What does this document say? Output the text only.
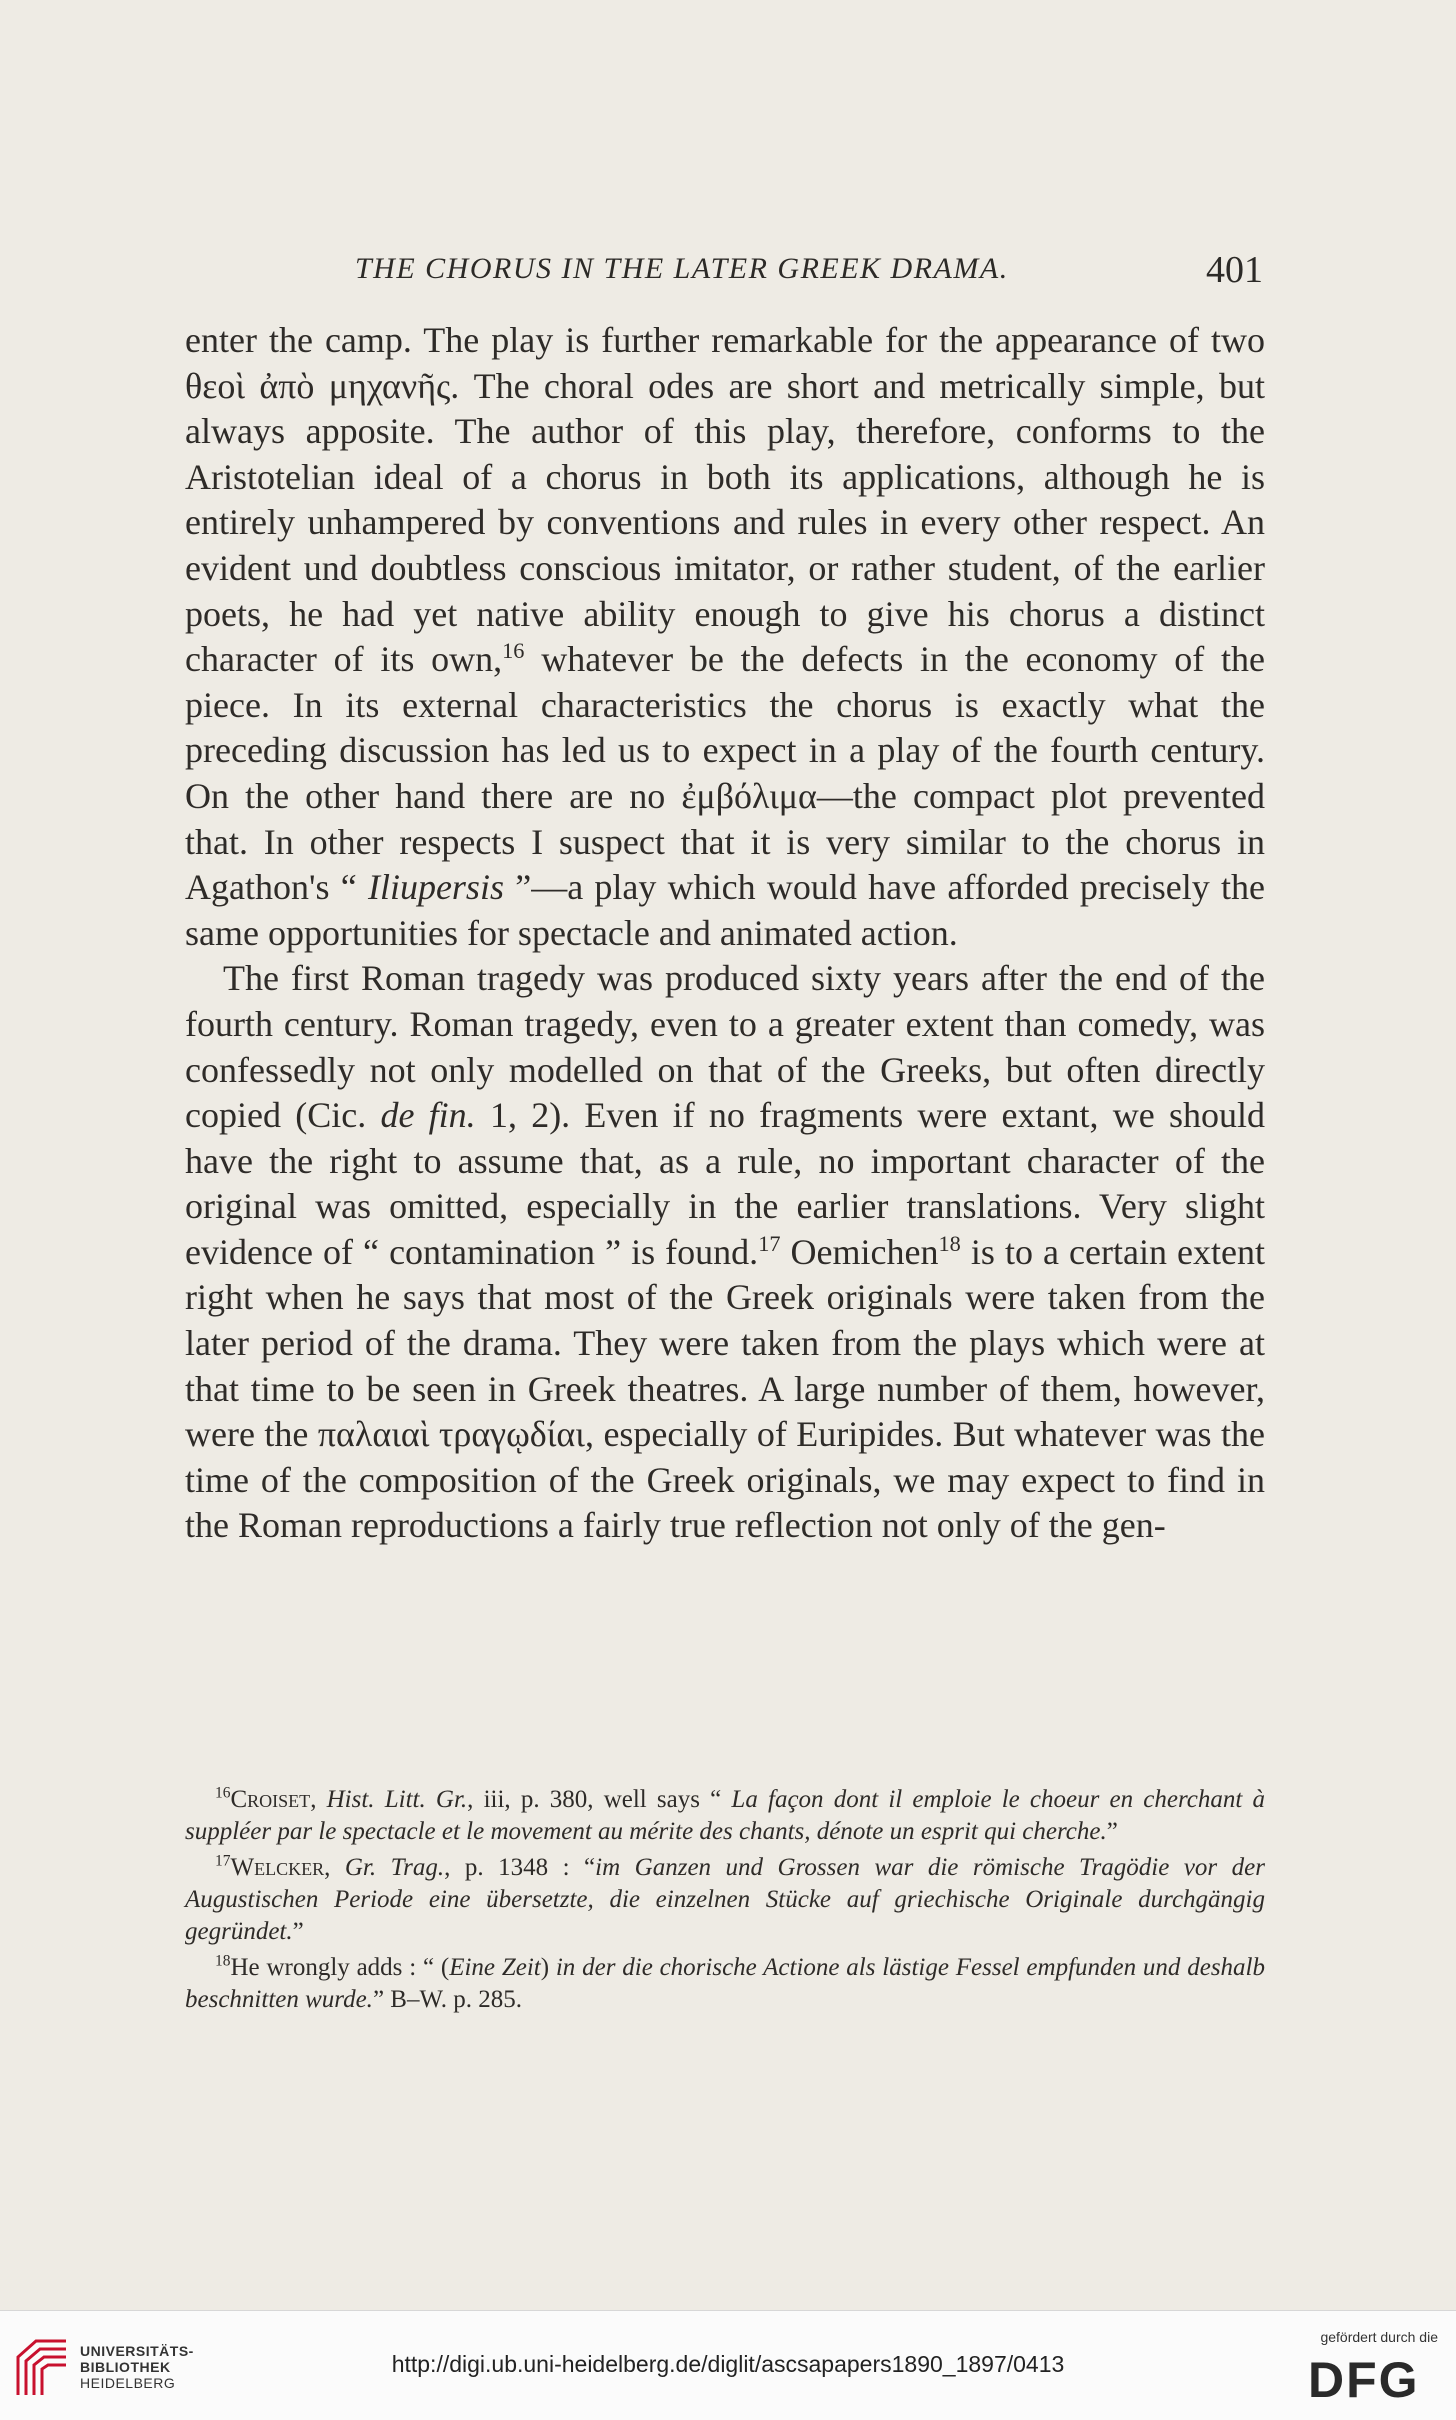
THE CHORUS IN THE LATER GREEK DRAMA.	401

enter the camp. The play is further remarkable for the appearance of two θεοὶ ἀπὸ μηχανῆς. The choral odes are short and metrically simple, but always apposite. The author of this play, therefore, conforms to the Aristotelian ideal of a chorus in both its applications, although he is entirely unhampered by conventions and rules in every other respect. An evident und doubtless conscious imitator, or rather student, of the earlier poets, he had yet native ability enough to give his chorus a distinct character of its own,$^{16}$ whatever be the defects in the economy of the piece. In its external characteristics the chorus is exactly what the preceding discussion has led us to expect in a play of the fourth century. On the other hand there are no ἐμβόλιμα—the compact plot prevented that. In other respects I suspect that it is very similar to the chorus in Agathon's “ Iliupersis ”—a play which would have afforded precisely the same opportunities for spectacle and animated action.

The first Roman tragedy was produced sixty years after the end of the fourth century. Roman tragedy, even to a greater extent than comedy, was confessedly not only modelled on that of the Greeks, but often directly copied (Cic. de fin. 1, 2). Even if no fragments were extant, we should have the right to assume that, as a rule, no important character of the original was omitted, especially in the earlier translations. Very slight evidence of “ contamination ” is found.$^{17}$ Oemichen$^{18}$ is to a certain extent right when he says that most of the Greek originals were taken from the later period of the drama. They were taken from the plays which were at that time to be seen in Greek theatres. A large number of them, however, were the παλαιαὶ τραγῳδίαι, especially of Euripides. But whatever was the time of the composition of the Greek originals, we may expect to find in the Roman reproductions a fairly true reflection not only of the gen-

$^{16}$Croiset, Hist. Litt. Gr., iii, p. 380, well says “ La façon dont il emploie le choeur en cherchant à suppléer par le spectacle et le movement au mérite des chants, dénote un esprit qui cherche.”

$^{17}$Welcker, Gr. Trag., p. 1348 : “im Ganzen und Grossen war die römische Tragödie vor der Augustischen Periode eine übersetzte, die einzelnen Stücke auf griechische Originale durchgängig gegründet.”

$^{18}$He wrongly adds : “ (Eine Zeit) in der die chorische Actione als lästige Fessel empfunden und deshalb beschnitten wurde.” B–W. p. 285.

UNIVERSITÄTS-
BIBLIOTHEK
HEIDELBERG
http://digi.ub.uni-heidelberg.de/diglit/ascsapapers1890_1897/0413
gefördert durch die
DFG
